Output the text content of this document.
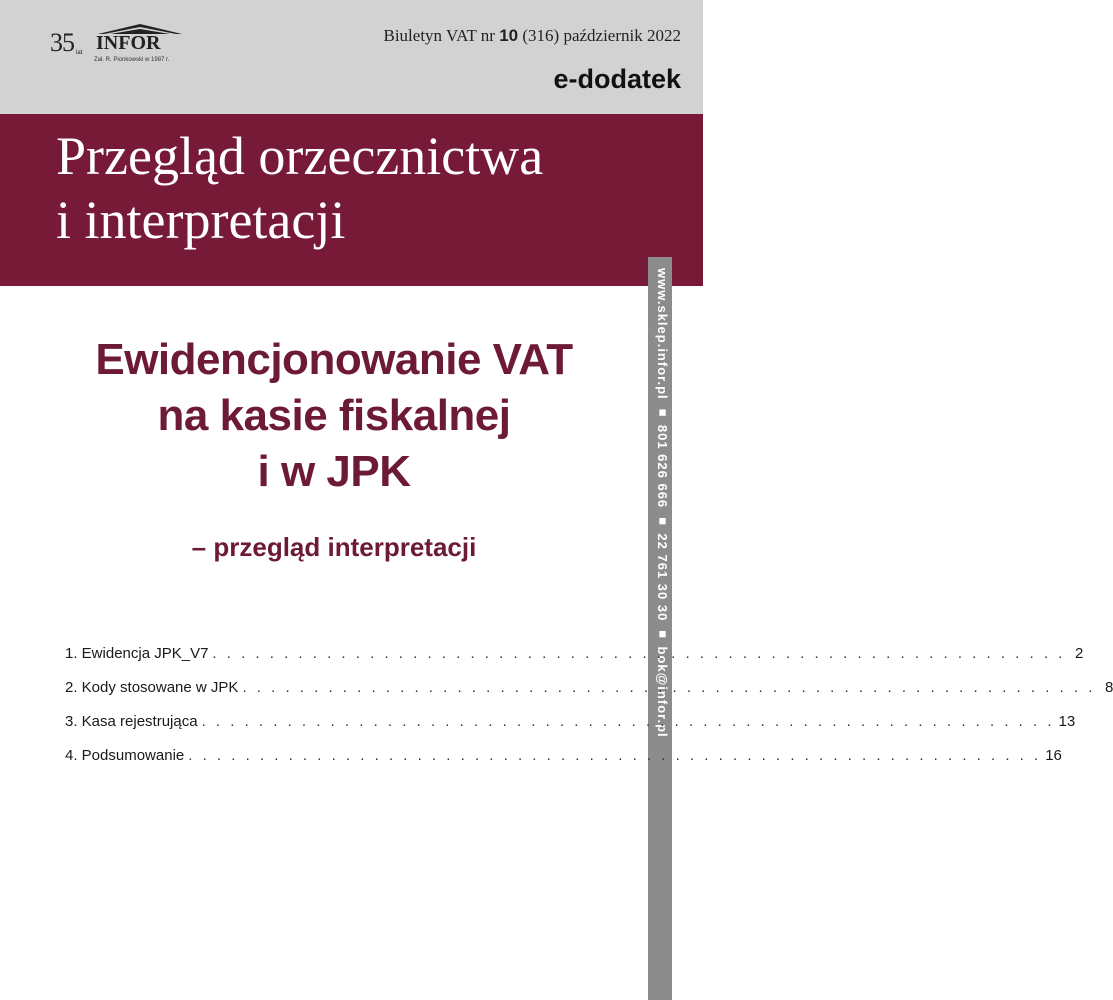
35 lat INFOR
Zał. R. Pionkowski w 1987 r.
Biuletyn VAT nr 10 (316) październik 2022
e-dodatek
Przegląd orzecznictwa
i interpretacji
www.sklep.infor.pl ■ 801 626 666 ■ 22 761 30 30 ■ bok@infor.pl
Ewidencjonowanie VAT
na kasie fiskalnej
i w JPK
– przegląd interpretacji
1. Ewidencja JPK_V7 . . . . . . . . . . . . . . . . . . . . . . . . . . . . . . . . . . . . . . . . . . . . . . . . . . . . . . . . . . . . 2
2. Kody stosowane w JPK . . . . . . . . . . . . . . . . . . . . . . . . . . . . . . . . . . . . . . . . . . . . . . . . . . . . . . . . . . . . 8
3. Kasa rejestrująca . . . . . . . . . . . . . . . . . . . . . . . . . . . . . . . . . . . . . . . . . . . . . . . . . . . . . . . . . . . . 13
4. Podsumowanie . . . . . . . . . . . . . . . . . . . . . . . . . . . . . . . . . . . . . . . . . . . . . . . . . . . . . . . . . . . . 16
